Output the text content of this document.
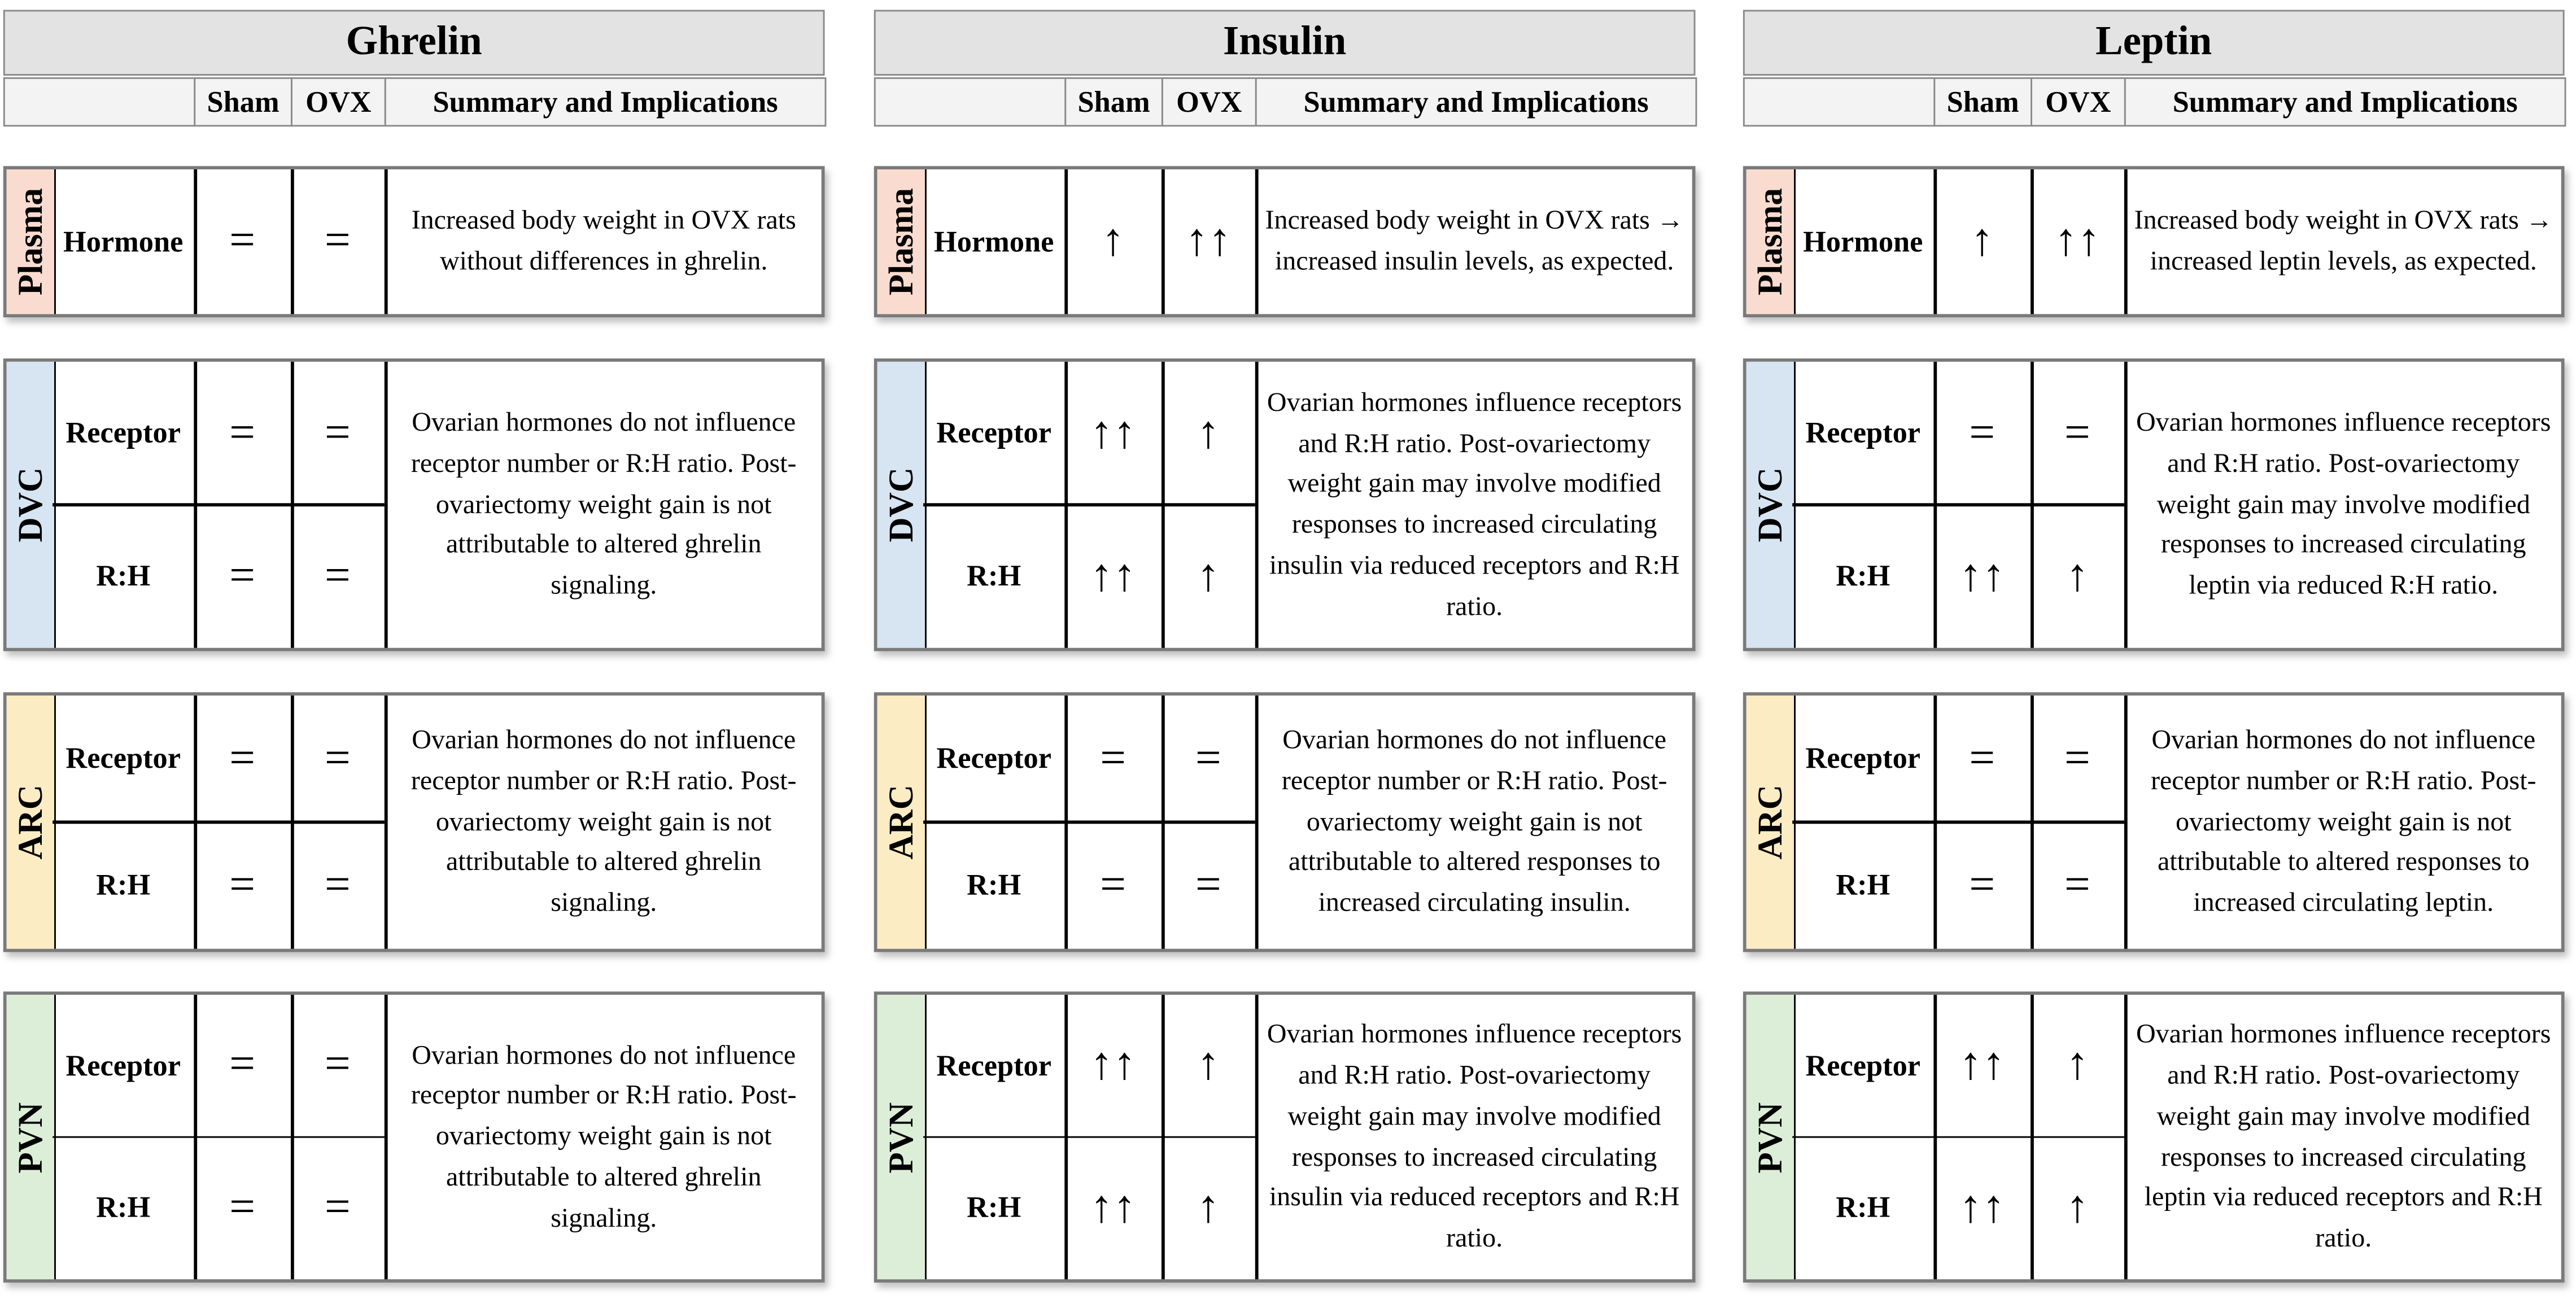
Ghrelin
Sham	OVX	Summary and Implications
Plasma	Hormone	=	=	Increased body weight in OVX rats without differences in ghrelin.
DVC
Receptor	=	=
R:H	=	=
Ovarian hormones do not influence receptor number or R:H ratio. Post-ovariectomy weight gain is not attributable to altered ghrelin signaling.
ARC
Receptor	=	=
R:H	=	=
Ovarian hormones do not influence receptor number or R:H ratio. Post-ovariectomy weight gain is not attributable to altered ghrelin signaling.
PVN
Receptor	=	=
R:H	=	=
Ovarian hormones do not influence receptor number or R:H ratio. Post-ovariectomy weight gain is not attributable to altered ghrelin signaling.
Insulin
Sham	OVX	Summary and Implications
Plasma	Hormone	↑	↑↑	Increased body weight in OVX rats → increased insulin levels, as expected.
DVC
Receptor	↑↑	↑
R:H	↑↑	↑
Ovarian hormones influence receptors and R:H ratio. Post-ovariectomy weight gain may involve modified responses to increased circulating insulin via reduced receptors and R:H ratio.
ARC
Receptor	=	=
R:H	=	=
Ovarian hormones do not influence receptor number or R:H ratio. Post-ovariectomy weight gain is not attributable to altered responses to increased circulating insulin.
PVN
Receptor	↑↑	↑
R:H	↑↑	↑
Ovarian hormones influence receptors and R:H ratio. Post-ovariectomy weight gain may involve modified responses to increased circulating insulin via reduced receptors and R:H ratio.
Leptin
Sham	OVX	Summary and Implications
Plasma	Hormone	↑	↑↑	Increased body weight in OVX rats → increased leptin levels, as expected.
DVC
Receptor	=	=
R:H	↑↑	↑
Ovarian hormones influence receptors and R:H ratio. Post-ovariectomy weight gain may involve modified responses to increased circulating leptin via reduced R:H ratio.
ARC
Receptor	=	=
R:H	=	=
Ovarian hormones do not influence receptor number or R:H ratio. Post-ovariectomy weight gain is not attributable to altered responses to increased circulating leptin.
PVN
Receptor	↑↑	↑
R:H	↑↑	↑
Ovarian hormones influence receptors and R:H ratio. Post-ovariectomy weight gain may involve modified responses to increased circulating leptin via reduced receptors and R:H ratio.
